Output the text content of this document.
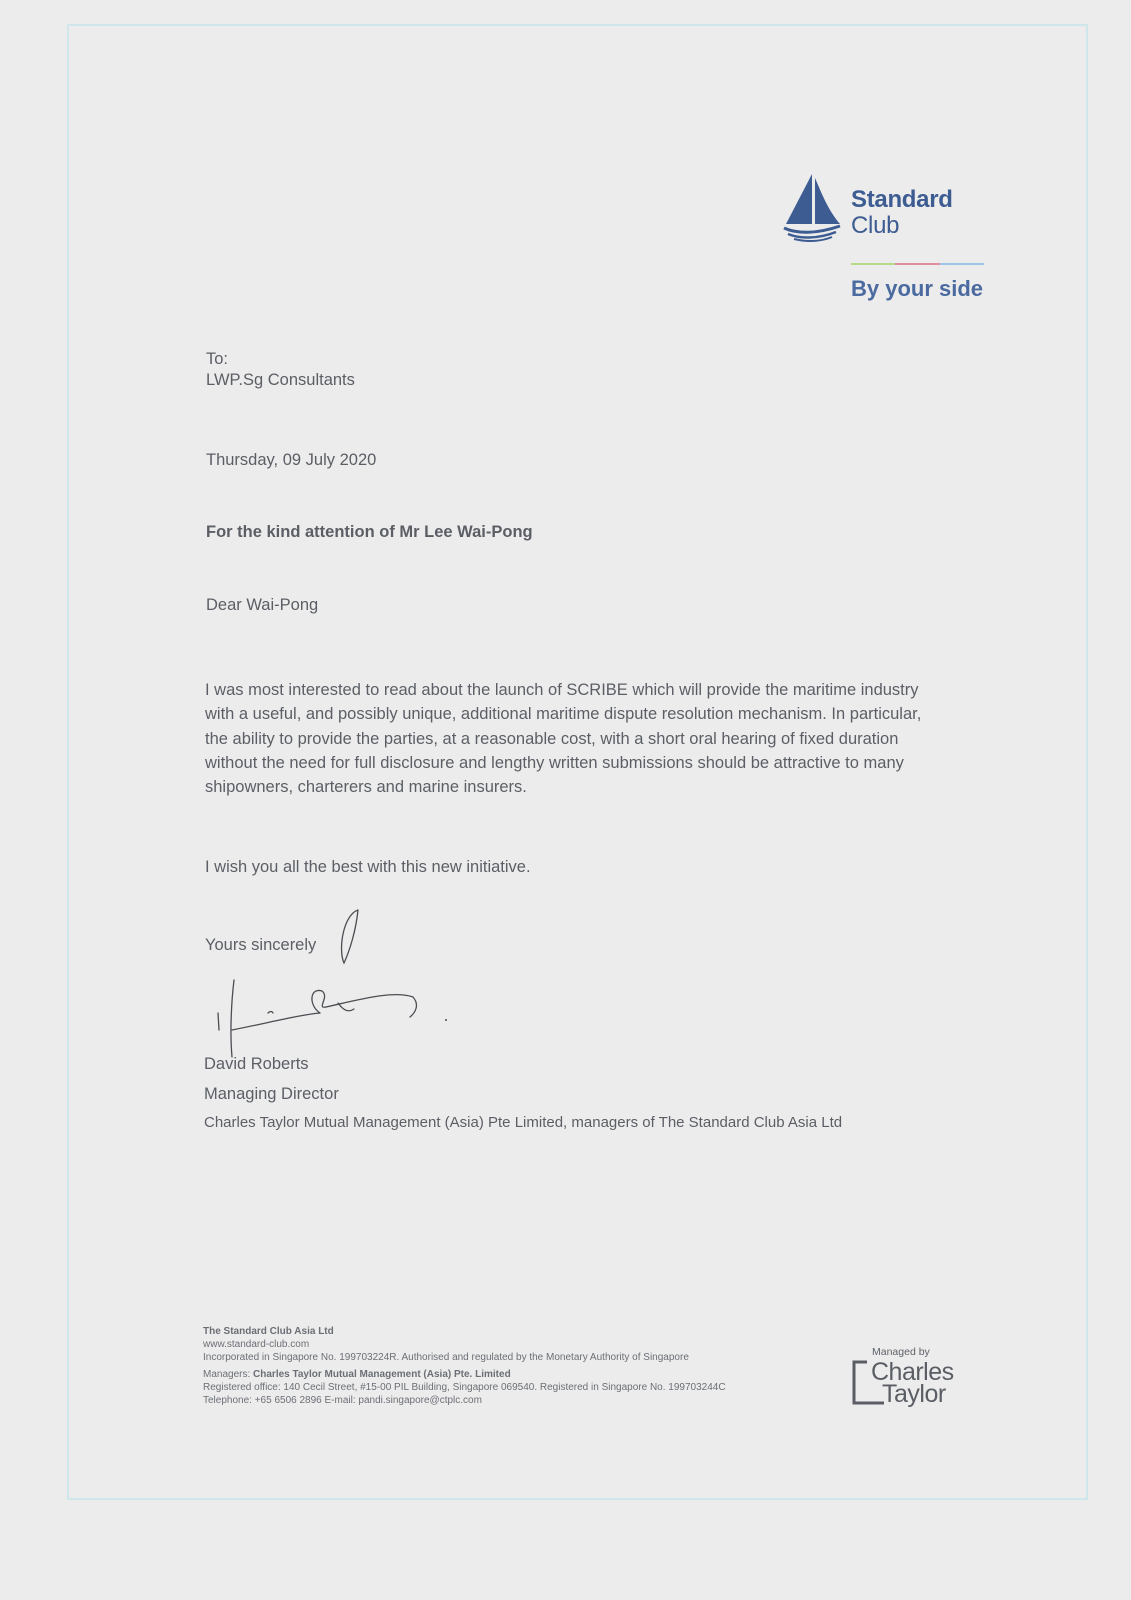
Standard
Club
By your side
To:
LWP.Sg Consultants
Thursday, 09 July 2020
For the kind attention of Mr Lee Wai-Pong
Dear Wai-Pong

I was most interested to read about the launch of SCRIBE which will provide the maritime industry with a useful, and possibly unique, additional maritime dispute resolution mechanism. In particular, the ability to provide the parties, at a reasonable cost, with a short oral hearing of fixed duration without the need for full disclosure and lengthy written submissions should be attractive to many shipowners, charterers and marine insurers.

I wish you all the best with this new initiative.
Yours sincerely
David Roberts
Managing Director
Charles Taylor Mutual Management (Asia) Pte Limited, managers of The Standard Club Asia Ltd
The Standard Club Asia Ltd
www.standard-club.com
Incorporated in Singapore No. 199703224R. Authorised and regulated by the Monetary Authority of Singapore
Managers: Charles Taylor Mutual Management (Asia) Pte. Limited
Registered office: 140 Cecil Street, #15-00 PIL Building, Singapore 069540. Registered in Singapore No. 199703244C
Telephone: +65 6506 2896 E-mail: pandi.singapore@ctplc.com
Managed by
Charles
Taylor
